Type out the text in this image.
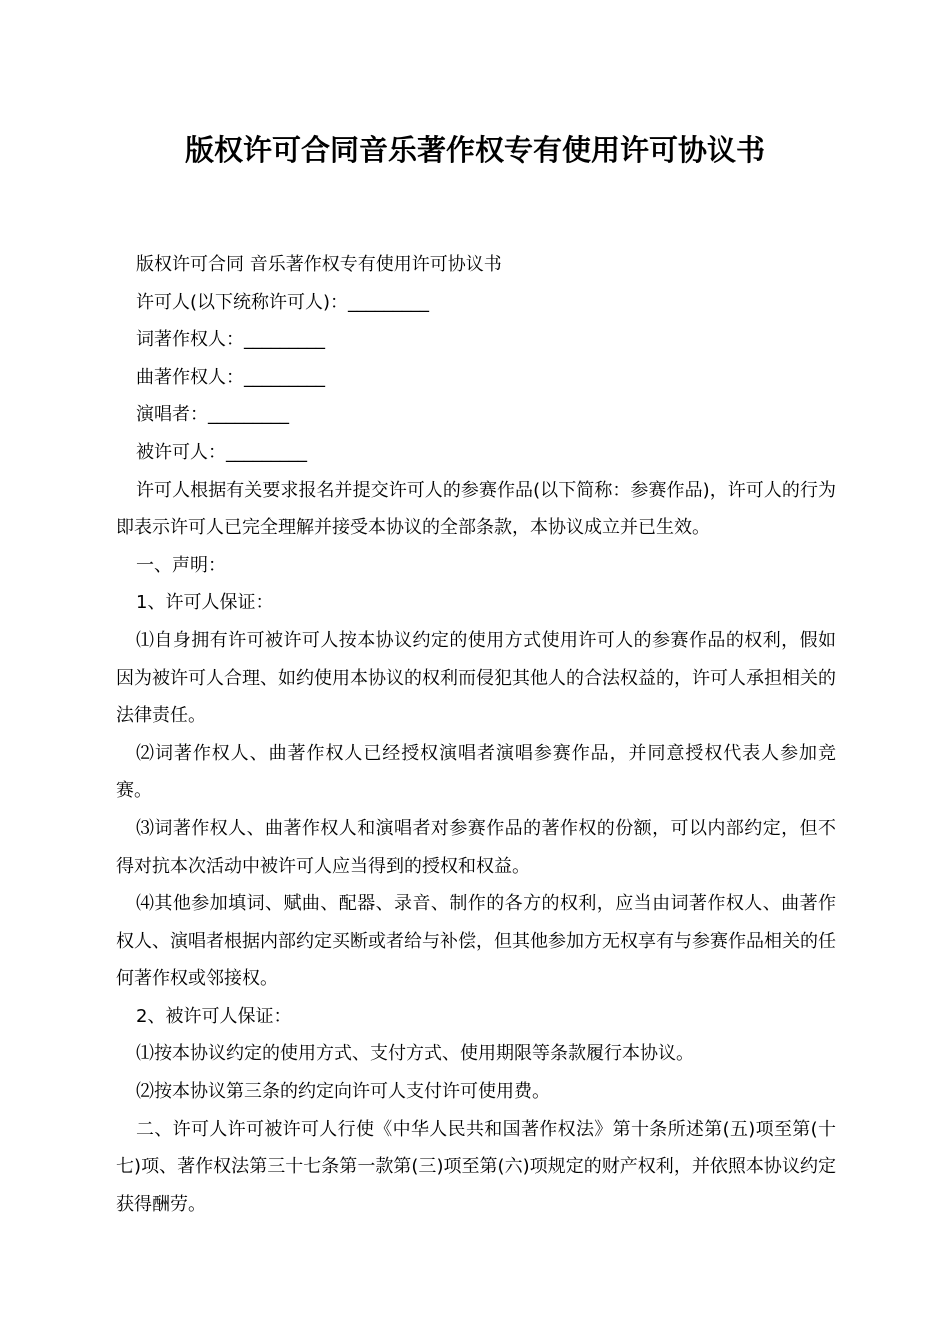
版权许可合同音乐著作权专有使用许可协议书

版权许可合同 音乐著作权专有使用许可协议书

许可人(以下统称许可人)：_________

词著作权人：_________

曲著作权人：_________

演唱者：_________

被许可人：_________

许可人根据有关要求报名并提交许可人的参赛作品(以下简称：参赛作品)，许可人的行为即表示许可人已完全理解并接受本协议的全部条款，本协议成立并已生效。

一、声明：

1、许可人保证：

⑴自身拥有许可被许可人按本协议约定的使用方式使用许可人的参赛作品的权利，假如因为被许可人合理、如约使用本协议的权利而侵犯其他人的合法权益的，许可人承担相关的法律责任。

⑵词著作权人、曲著作权人已经授权演唱者演唱参赛作品，并同意授权代表人参加竞赛。

⑶词著作权人、曲著作权人和演唱者对参赛作品的著作权的份额，可以内部约定，但不得对抗本次活动中被许可人应当得到的授权和权益。

⑷其他参加填词、赋曲、配器、录音、制作的各方的权利，应当由词著作权人、曲著作权人、演唱者根据内部约定买断或者给与补偿，但其他参加方无权享有与参赛作品相关的任何著作权或邻接权。

2、被许可人保证：

⑴按本协议约定的使用方式、支付方式、使用期限等条款履行本协议。

⑵按本协议第三条的约定向许可人支付许可使用费。

二、许可人许可被许可人行使《中华人民共和国著作权法》第十条所述第(五)项至第(十七)项、著作权法第三十七条第一款第(三)项至第(六)项规定的财产权利，并依照本协议约定获得酬劳。
